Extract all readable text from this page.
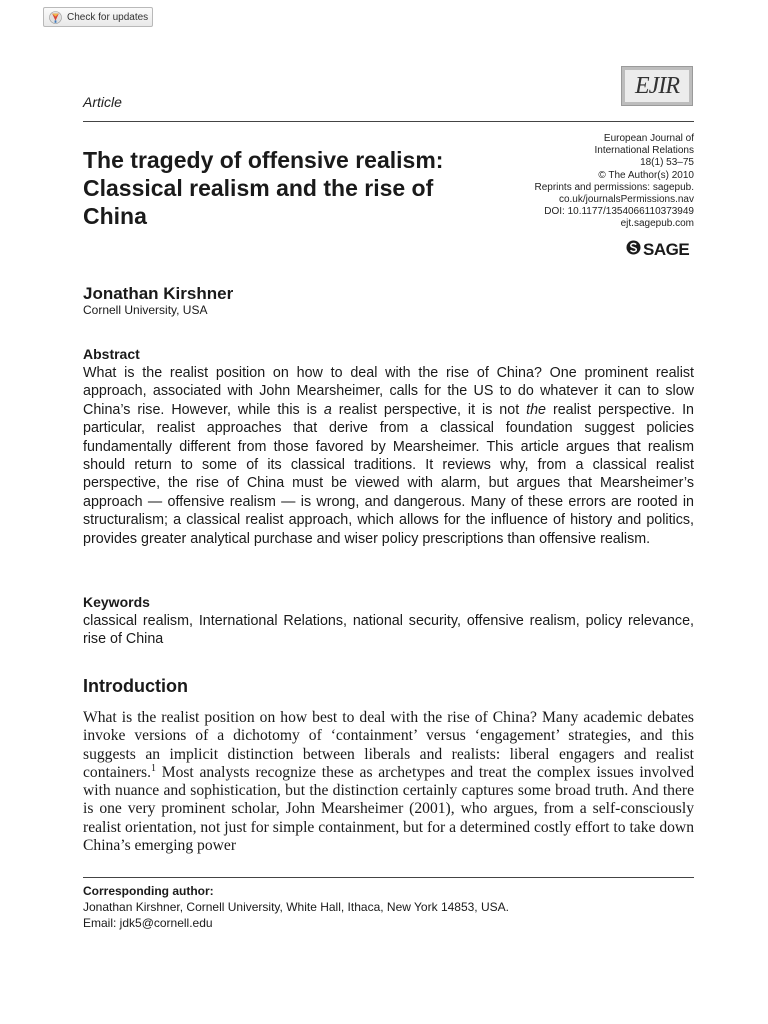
Check for updates
Article
EJIR
European Journal of
International Relations
18(1) 53–75
© The Author(s) 2010
Reprints and permissions: sagepub.
co.uk/journalsPermissions.nav
DOI: 10.1177/1354066110373949
ejt.sagepub.com
SAGE
The tragedy of offensive realism: Classical realism and the rise of China
Jonathan Kirshner
Cornell University, USA
Abstract
What is the realist position on how to deal with the rise of China? One prominent realist approach, associated with John Mearsheimer, calls for the US to do whatever it can to slow China’s rise. However, while this is a realist perspective, it is not the realist perspective. In particular, realist approaches that derive from a classical foundation suggest policies fundamentally different from those favored by Mearsheimer. This article argues that realism should return to some of its classical traditions. It reviews why, from a classical realist perspective, the rise of China must be viewed with alarm, but argues that Mearsheimer’s approach — offensive realism — is wrong, and dangerous. Many of these errors are rooted in structuralism; a classical realist approach, which allows for the influence of history and politics, provides greater analytical purchase and wiser policy prescriptions than offensive realism.
Keywords
classical realism, International Relations, national security, offensive realism, policy relevance, rise of China
Introduction
What is the realist position on how best to deal with the rise of China? Many academic debates invoke versions of a dichotomy of ‘containment’ versus ‘engagement’ strategies, and this suggests an implicit distinction between liberals and realists: liberal engagers and realist containers.$^1$ Most analysts recognize these as archetypes and treat the complex issues involved with nuance and sophistication, but the distinction certainly captures some broad truth. And there is one very prominent scholar, John Mearsheimer (2001), who argues, from a self-consciously realist orientation, not just for simple containment, but for a determined costly effort to take down China’s emerging power
Corresponding author:
Jonathan Kirshner, Cornell University, White Hall, Ithaca, New York 14853, USA.
Email: jdk5@cornell.edu
